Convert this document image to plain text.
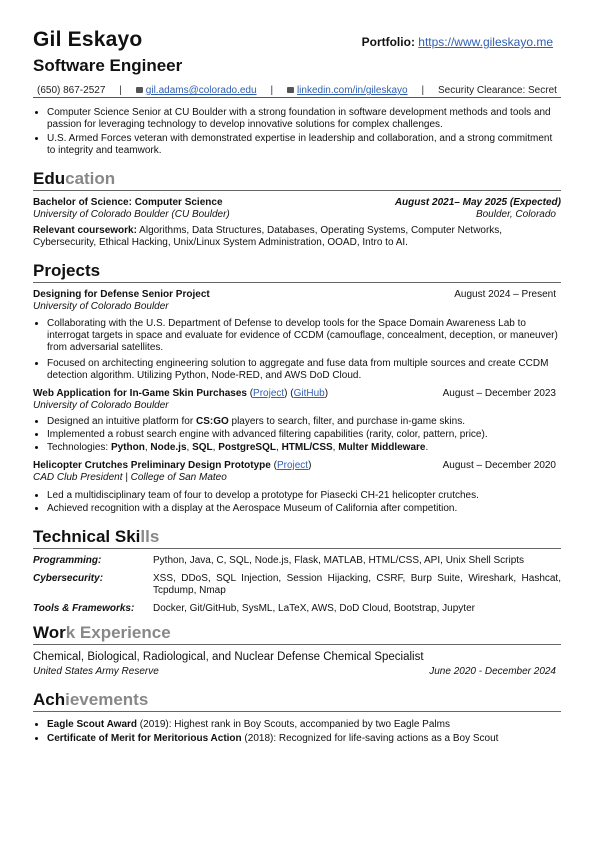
Gil Eskayo	Portfolio: https://www.gileskayo.me
Software Engineer
(650) 867-2527 |	gil.adams@colorado.edu |	linkedin.com/in/gileskayo | Security Clearance: Secret
• Computer Science Senior at CU Boulder with a strong foundation in software development methods and tools and passion for leveraging technology to develop innovative solutions for complex challenges.
• U.S. Armed Forces veteran with demonstrated expertise in leadership and collaboration, and a strong commitment to integrity and teamwork.
Education
Bachelor of Science: Computer Science	August 2021– May 2025 (Expected)
University of Colorado Boulder (CU Boulder)	Boulder, Colorado
Relevant coursework: Algorithms, Data Structures, Databases, Operating Systems, Computer Networks, Cybersecurity, Ethical Hacking, Unix/Linux System Administration, OOAD, Intro to AI.
Projects
Designing for Defense Senior Project	August 2024 – Present
University of Colorado Boulder
• Collaborating with the U.S. Department of Defense to develop tools for the Space Domain Awareness Lab to interrogat targets in space and evaluate for evidence of CCDM (camouflage, concealment, deception, or maneuver) from adversarial satellites.
• Focused on architecting engineering solution to aggregate and fuse data from multiple sources and create CCDM detection algorithm. Utilizing Python, Node-RED, and AWS DoD Cloud.
Web Application for In-Game Skin Purchases (Project) (GitHub)	August – December 2023
University of Colorado Boulder
• Designed an intuitive platform for CS:GO players to search, filter, and purchase in-game skins.
• Implemented a robust search engine with advanced filtering capabilities (rarity, color, pattern, price).
• Technologies: Python, Node.js, SQL, PostgreSQL, HTML/CSS, Multer Middleware.
Helicopter Crutches Preliminary Design Prototype (Project)	August – December 2020
CAD Club President | College of San Mateo
• Led a multidisciplinary team of four to develop a prototype for Piasecki CH-21 helicopter crutches.
• Achieved recognition with a display at the Aerospace Museum of California after competition.
Technical Skills
Programming:	Python, Java, C, SQL, Node.js, Flask, MATLAB, HTML/CSS, API, Unix Shell Scripts
Cybersecurity:	XSS, DDoS, SQL Injection, Session Hijacking, CSRF, Burp Suite, Wireshark, Hashcat, Tcpdump, Nmap
Tools & Frameworks:	Docker, Git/GitHub, SysML, LaTeX, AWS, DoD Cloud, Bootstrap, Jupyter
Work Experience
Chemical, Biological, Radiological, and Nuclear Defense Chemical Specialist
United States Army Reserve	June 2020 - December 2024
Achievements
• Eagle Scout Award (2019): Highest rank in Boy Scouts, accompanied by two Eagle Palms
• Certificate of Merit for Meritorious Action (2018): Recognized for life-saving actions as a Boy Scout
